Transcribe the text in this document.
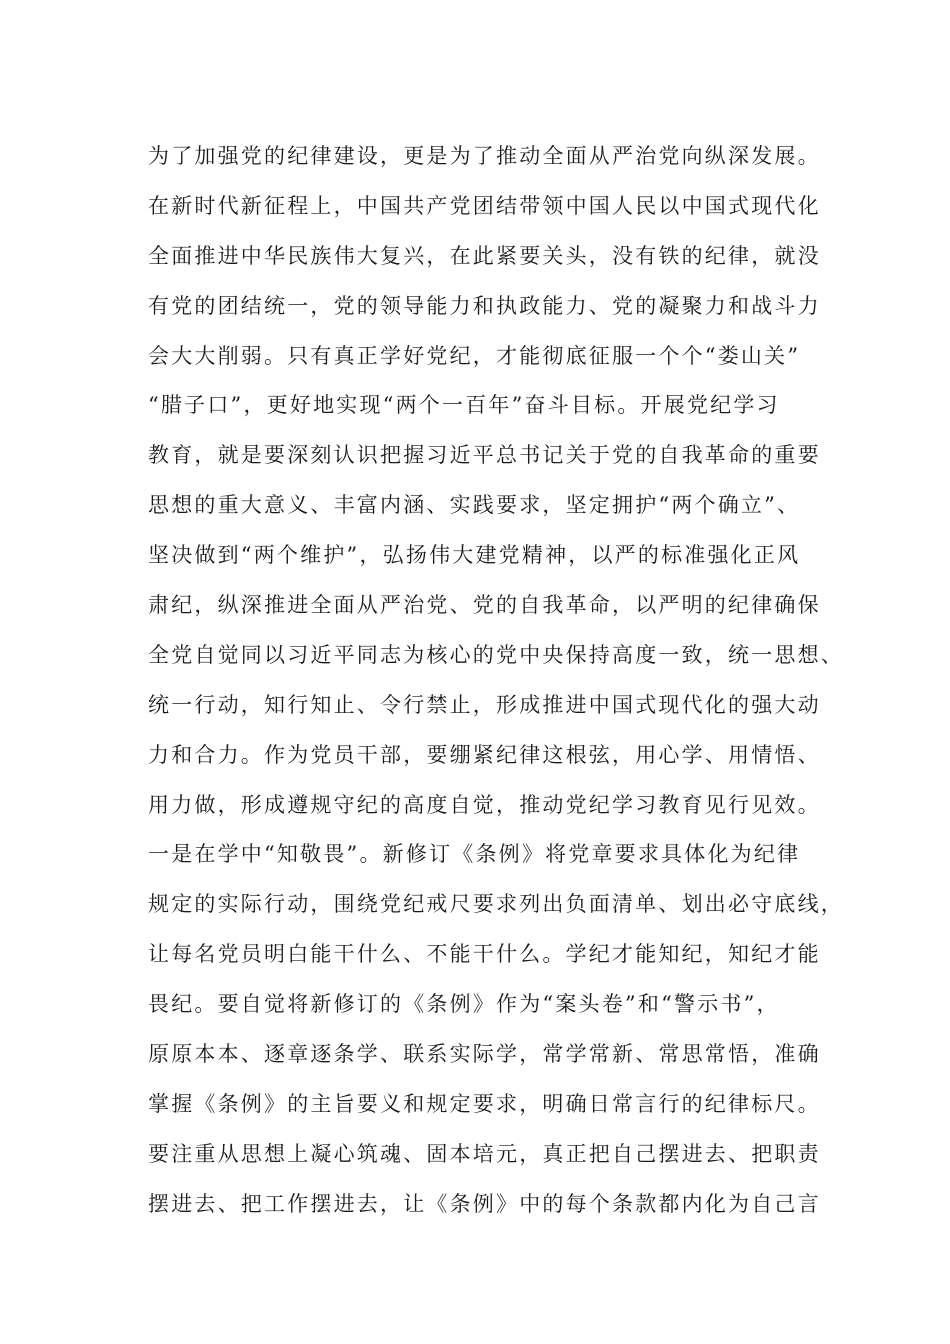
为了加强党的纪律建设，更是为了推动全面从严治党向纵深发展。
在新时代新征程上，中国共产党团结带领中国人民以中国式现代化
全面推进中华民族伟大复兴，在此紧要关头，没有铁的纪律，就没
有党的团结统一，党的领导能力和执政能力、党的凝聚力和战斗力
会大大削弱。只有真正学好党纪，才能彻底征服一个个“娄山关”
“腊子口”，更好地实现“两个一百年”奋斗目标。开展党纪学习
教育，就是要深刻认识把握习近平总书记关于党的自我革命的重要
思想的重大意义、丰富内涵、实践要求，坚定拥护“两个确立”、
坚决做到“两个维护”，弘扬伟大建党精神，以严的标准强化正风
肃纪，纵深推进全面从严治党、党的自我革命，以严明的纪律确保
全党自觉同以习近平同志为核心的党中央保持高度一致，统一思想、
统一行动，知行知止、令行禁止，形成推进中国式现代化的强大动
力和合力。作为党员干部，要绷紧纪律这根弦，用心学、用情悟、
用力做，形成遵规守纪的高度自觉，推动党纪学习教育见行见效。
一是在学中“知敬畏”。新修订《条例》将党章要求具体化为纪律
规定的实际行动，围绕党纪戒尺要求列出负面清单、划出必守底线，
让每名党员明白能干什么、不能干什么。学纪才能知纪，知纪才能
畏纪。要自觉将新修订的《条例》作为“案头卷”和“警示书”，
原原本本、逐章逐条学、联系实际学，常学常新、常思常悟，准确
掌握《条例》的主旨要义和规定要求，明确日常言行的纪律标尺。
要注重从思想上凝心筑魂、固本培元，真正把自己摆进去、把职责
摆进去、把工作摆进去，让《条例》中的每个条款都内化为自己言
